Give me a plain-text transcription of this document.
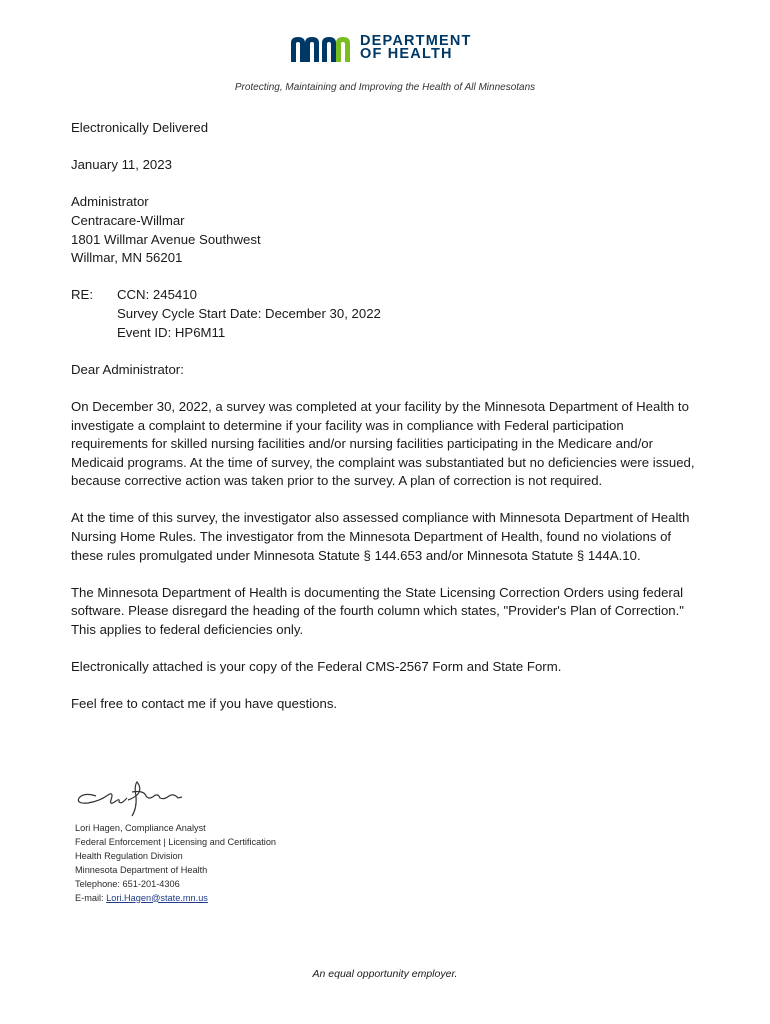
DEPARTMENT
OF HEALTH
Protecting, Maintaining and Improving the Health of All Minnesotans

Electronically Delivered

January 11, 2023

Administrator

Centracare-Willmar

1801 Willmar Avenue Southwest

Willmar, MN 56201

RE:	CCN: 245410
Survey Cycle Start Date: December 30, 2022
Event ID: HP6M11

Dear Administrator:

On December 30, 2022, a survey was completed at your facility by the Minnesota Department of Health to investigate a complaint to determine if your facility was in compliance with Federal participation requirements for skilled nursing facilities and/or nursing facilities participating in the Medicare and/or Medicaid programs. At the time of survey, the complaint was substantiated but no deficiencies were issued, because corrective action was taken prior to the survey. A plan of correction is not required.

At the time of this survey, the investigator also assessed compliance with Minnesota Department of Health Nursing Home Rules. The investigator from the Minnesota Department of Health, found no violations of these rules promulgated under Minnesota Statute § 144.653 and/or Minnesota Statute § 144A.10.

The Minnesota Department of Health is documenting the State Licensing Correction Orders using federal software. Please disregard the heading of the fourth column which states, "Provider's Plan of Correction." This applies to federal deficiencies only.

Electronically attached is your copy of the Federal CMS-2567 Form and State Form.

Feel free to contact me if you have questions.

Lori Hagen, Compliance Analyst
Federal Enforcement | Licensing and Certification
Health Regulation Division
Minnesota Department of Health
Telephone: 651-201-4306
E-mail: Lori.Hagen@state.mn.us
An equal opportunity employer.
